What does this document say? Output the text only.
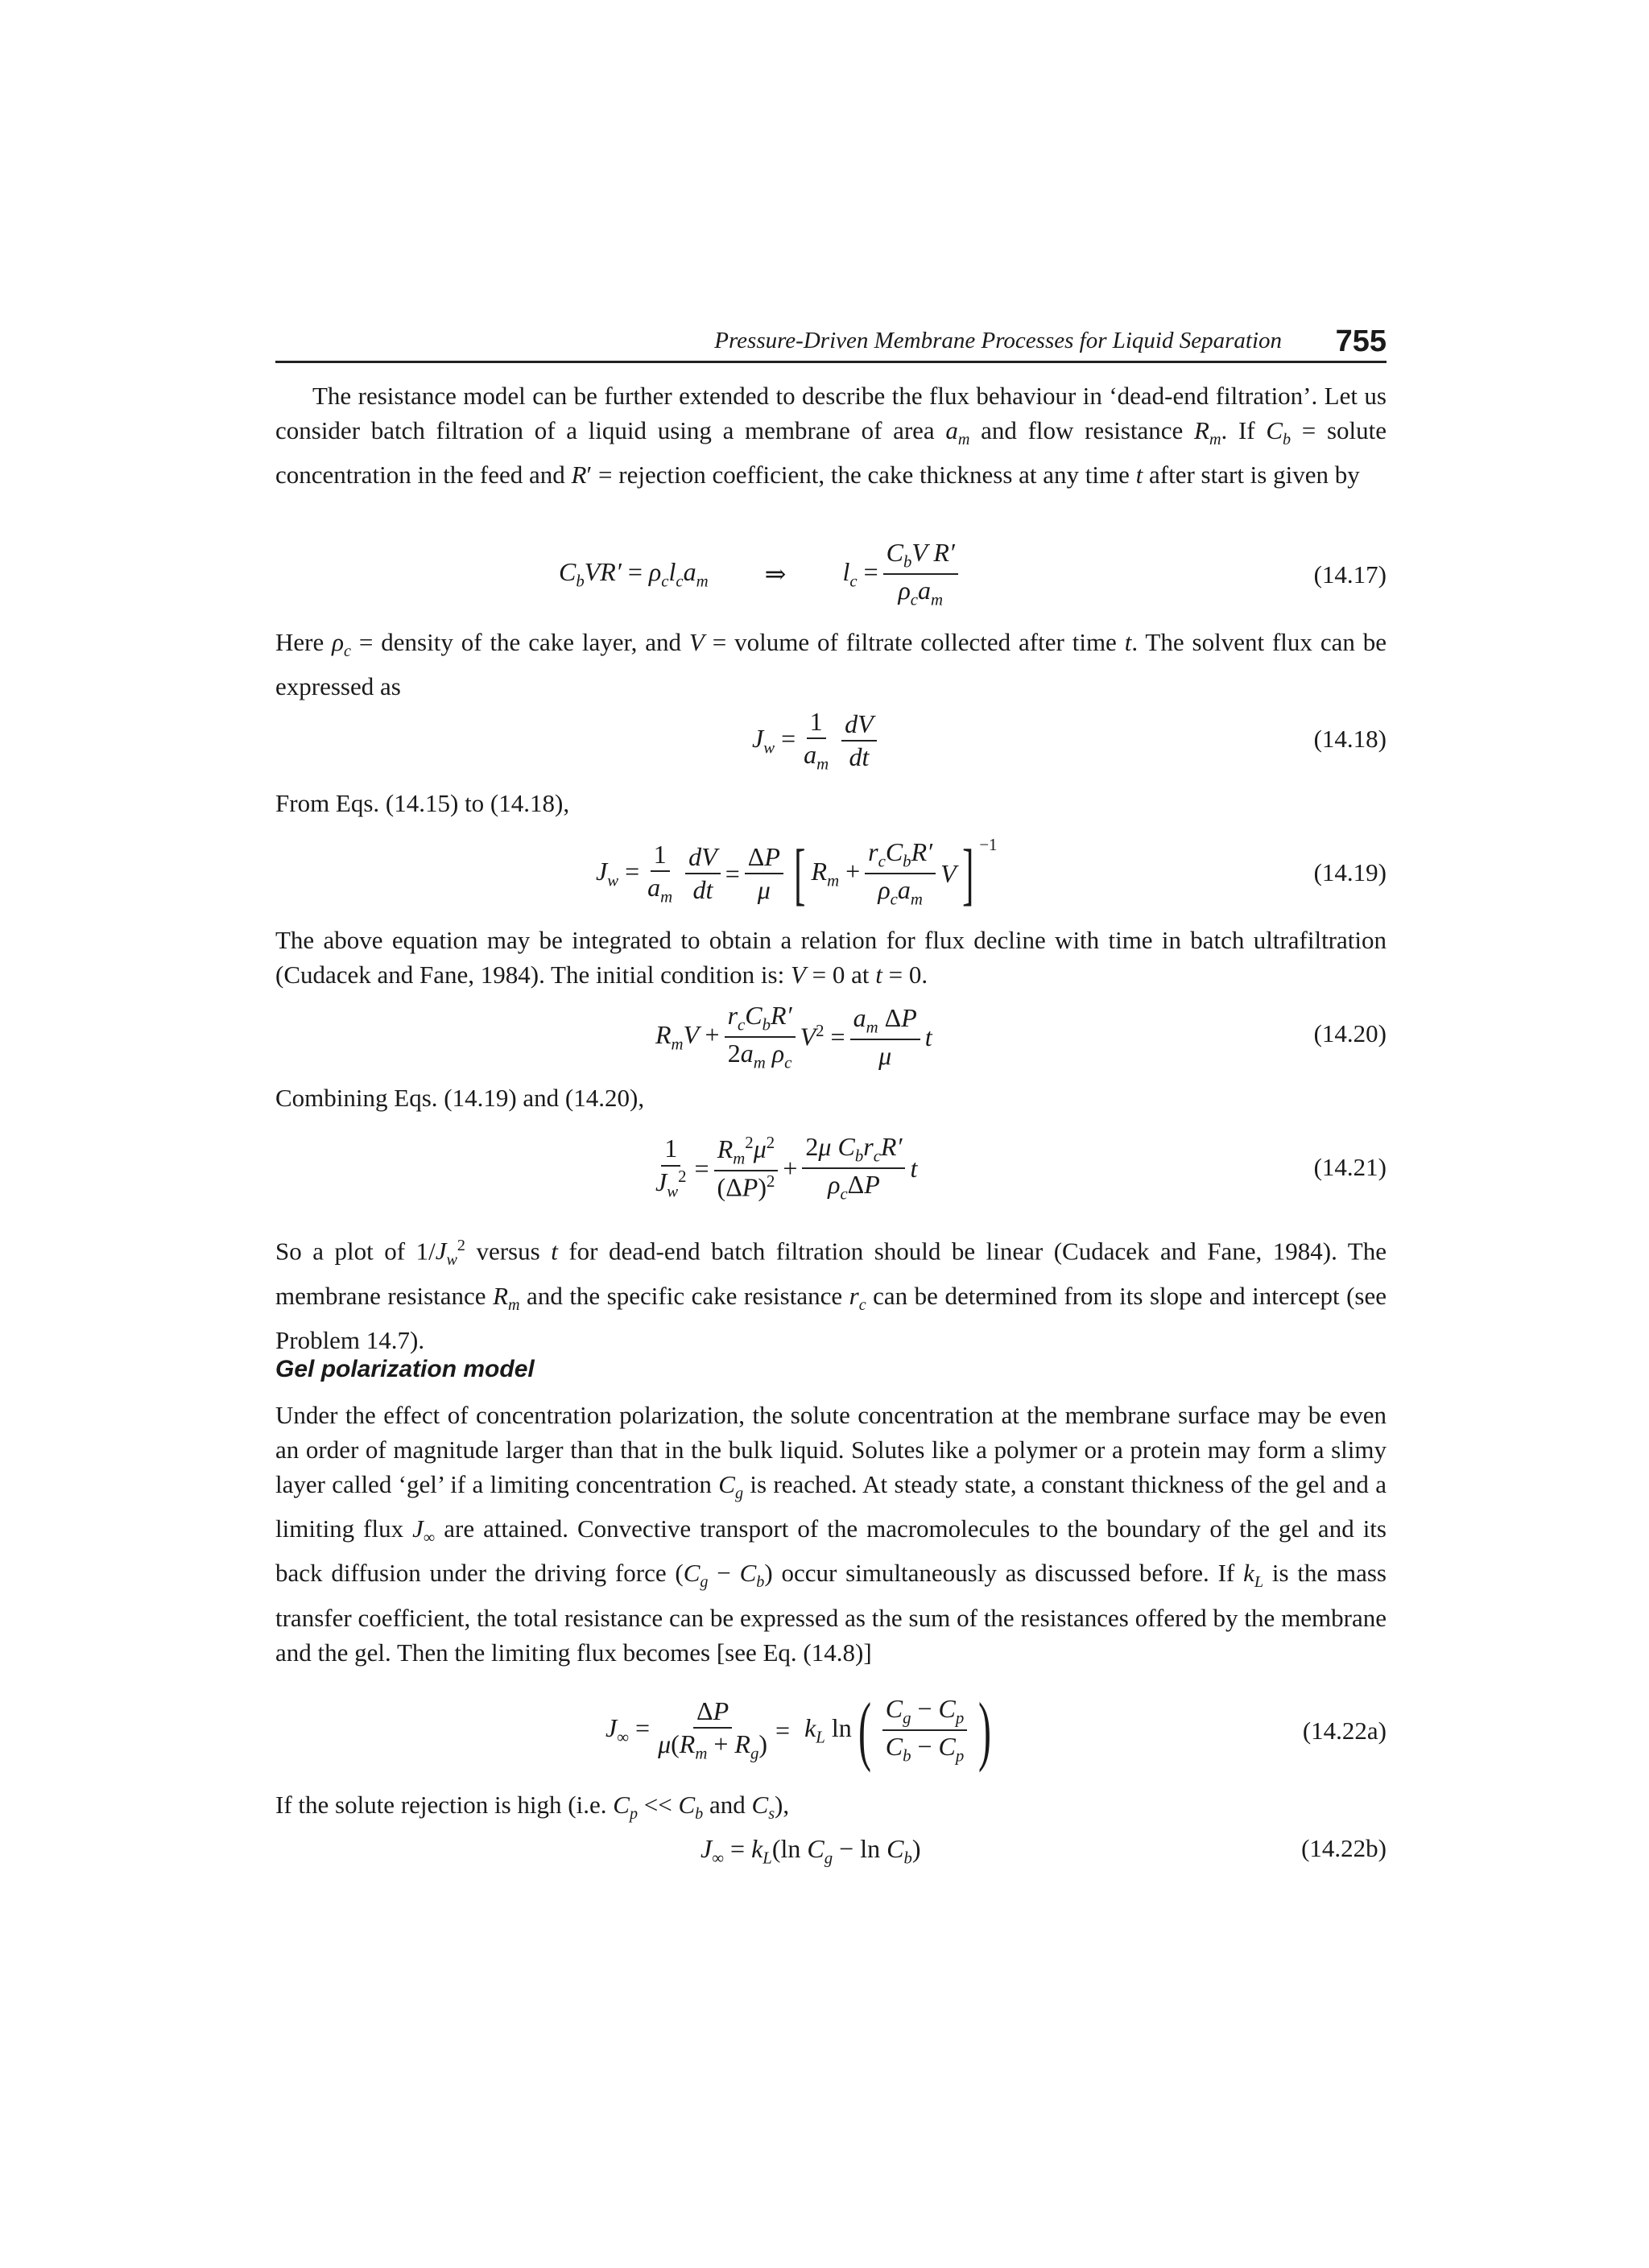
Pressure-Driven Membrane Processes for Liquid Separation 755
The resistance model can be further extended to describe the flux behaviour in ‘dead-end filtration’. Let us consider batch filtration of a liquid using a membrane of area $a_m$ and flow resistance $R_m$. If $C_b$ = solute concentration in the feed and R′ = rejection coefficient, the cake thickness at any time t after start is given by
$C_bVR' = \rho_cl_ca_m$ ⇒ $l_c = \frac{C_bV R'}{\rho_ca_m}$	(14.17)
Here $\rho_c$ = density of the cake layer, and V = volume of filtrate collected after time t. The solvent flux can be expressed as
$J_w = \frac{1}{a_m} \frac{dV}{dt}$	(14.18)
From Eqs. (14.15) to (14.18),
$J_w = \frac{1}{a_m} \frac{dV}{dt} = \frac{\Delta P}{\mu}$ [ $R_m + \frac{r_cC_bR'}{\rho_ca_m}$ V ] $^{-1}$
(14.19)
The above equation may be integrated to obtain a relation for flux decline with time in batch ultrafiltration (Cudacek and Fane, 1984). The initial condition is: V = 0 at t = 0.
$R_mV + \frac{r_cC_bR'}{2a_m \rho_c} V^2 = \frac{a_m \Delta P}{\mu}$ t	(14.20)
Combining Eqs. (14.19) and (14.20),
$\frac{1}{J_w^2} = \frac{R_m^2\mu^2}{(\Delta P)^2} + \frac{2\mu C_br_cR'}{\rho_c\Delta P}$ t	(14.21)
So a plot of $1/J_w^2$ versus t for dead-end batch filtration should be linear (Cudacek and Fane, 1984). The membrane resistance $R_m$ and the specific cake resistance $r_c$ can be determined from its slope and intercept (see Problem 14.7).
Gel polarization model
Under the effect of concentration polarization, the solute concentration at the membrane surface may be even an order of magnitude larger than that in the bulk liquid. Solutes like a polymer or a protein may form a slimy layer called ‘gel’ if a limiting concentration $C_g$ is reached. At steady state, a constant thickness of the gel and a limiting flux $J_\infty$ are attained. Convective transport of the macromolecules to the boundary of the gel and its back diffusion under the driving force $(C_g - C_b)$ occur simultaneously as discussed before. If $k_L$ is the mass transfer coefficient, the total resistance can be expressed as the sum of the resistances offered by the membrane and the gel. Then the limiting flux becomes [see Eq. (14.8)]
$J_\infty = \frac{\Delta P}{\mu(R_m + R_g)} = k_L$ ln ( $\frac{C_g - C_p}{C_b - C_p}$ )	(14.22a)
If the solute rejection is high (i.e. $C_p << C_b$ and $C_s$),
$J_\infty = k_L(\ln$ $C_g - \ln C_b$)	(14.22b)
